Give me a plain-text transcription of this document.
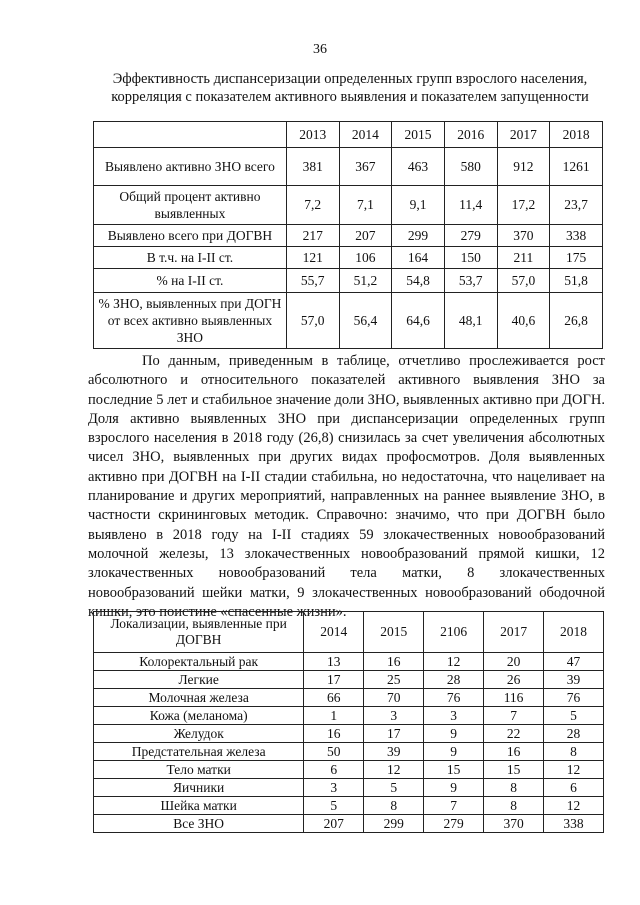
36
Эффективность диспансеризации определенных групп взрослого населения,
корреляция с показателем активного выявления и показателем запущенности
	2013	2014	2015	2016	2017	2018
Выявлено активно ЗНО всего	381	367	463	580	912	1261
Общий процент активно выявленных	7,2	7,1	9,1	11,4	17,2	23,7
Выявлено всего при ДОГВН	217	207	299	279	370	338
В т.ч. на I-II ст.	121	106	164	150	211	175
% на I-II ст.	55,7	51,2	54,8	53,7	57,0	51,8
% ЗНО, выявленных при ДОГН от всех активно выявленных ЗНО	57,0	56,4	64,6	48,1	40,6	26,8

По данным, приведенным в таблице, отчетливо прослеживается рост абсолютного и относительного показателей активного выявления ЗНО за последние 5 лет и стабильное значение доли ЗНО, выявленных активно при ДОГН. Доля активно выявленных ЗНО при диспансеризации определенных групп взрослого населения в 2018 году (26,8) снизилась за счет увеличения абсолютных чисел ЗНО, выявленных при других видах профосмотров. Доля выявленных активно при ДОГВН на I-II стадии стабильна, но недостаточна, что нацеливает на планирование и других мероприятий, направленных на раннее выявление ЗНО, в частности скрининговых методик. Справочно: значимо, что при ДОГВН было выявлено в 2018 году на I-II стадиях 59 злокачественных новообразований молочной железы, 13 злокачественных новообразований прямой кишки, 12 злокачественных новообразований тела матки, 8 злокачественных новообразований шейки матки, 9 злокачественных новообразований ободочной кишки, это поистине «спасенные жизни».

Локализации, выявленные при ДОГВН	2014	2015	2106	2017	2018
Колоректальный рак	13	16	12	20	47
Легкие	17	25	28	26	39
Молочная железа	66	70	76	116	76
Кожа (меланома)	1	3	3	7	5
Желудок	16	17	9	22	28
Предстательная железа	50	39	9	16	8
Тело матки	6	12	15	15	12
Яичники	3	5	9	8	6
Шейка матки	5	8	7	8	12
Все ЗНО	207	299	279	370	338
